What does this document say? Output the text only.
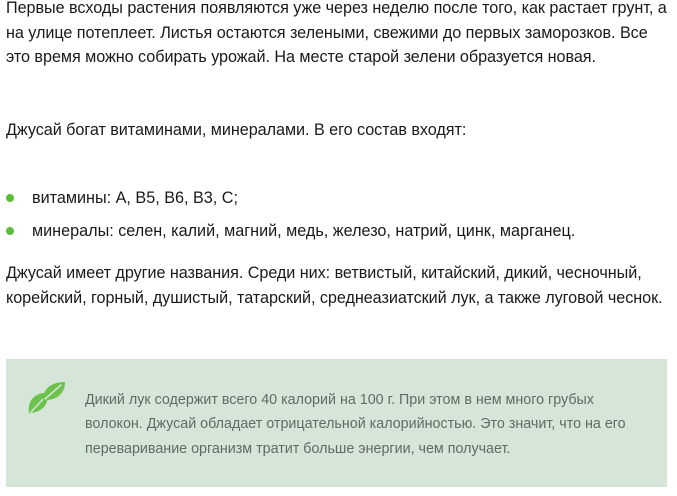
Первые всходы растения появляются уже через неделю после того, как растает грунт, а на улице потеплеет. Листья остаются зелеными, свежими до первых заморозков. Все это время можно собирать урожай. На месте старой зелени образуется новая.

Джусай богат витаминами, минералами. В его состав входят:

витамины: А, В5, В6, В3, С;
минералы: селен, калий, магний, медь, железо, натрий, цинк, марганец.

Джусай имеет другие названия. Среди них: ветвистый, китайский, дикий, чесночный, корейский, горный, душистый, татарский, среднеазиатский лук, а также луговой чеснок.

Дикий лук содержит всего 40 калорий на 100 г. При этом в нем много грубых волокон. Джусай обладает отрицательной калорийностью. Это значит, что на его переваривание организм тратит больше энергии, чем получает.
